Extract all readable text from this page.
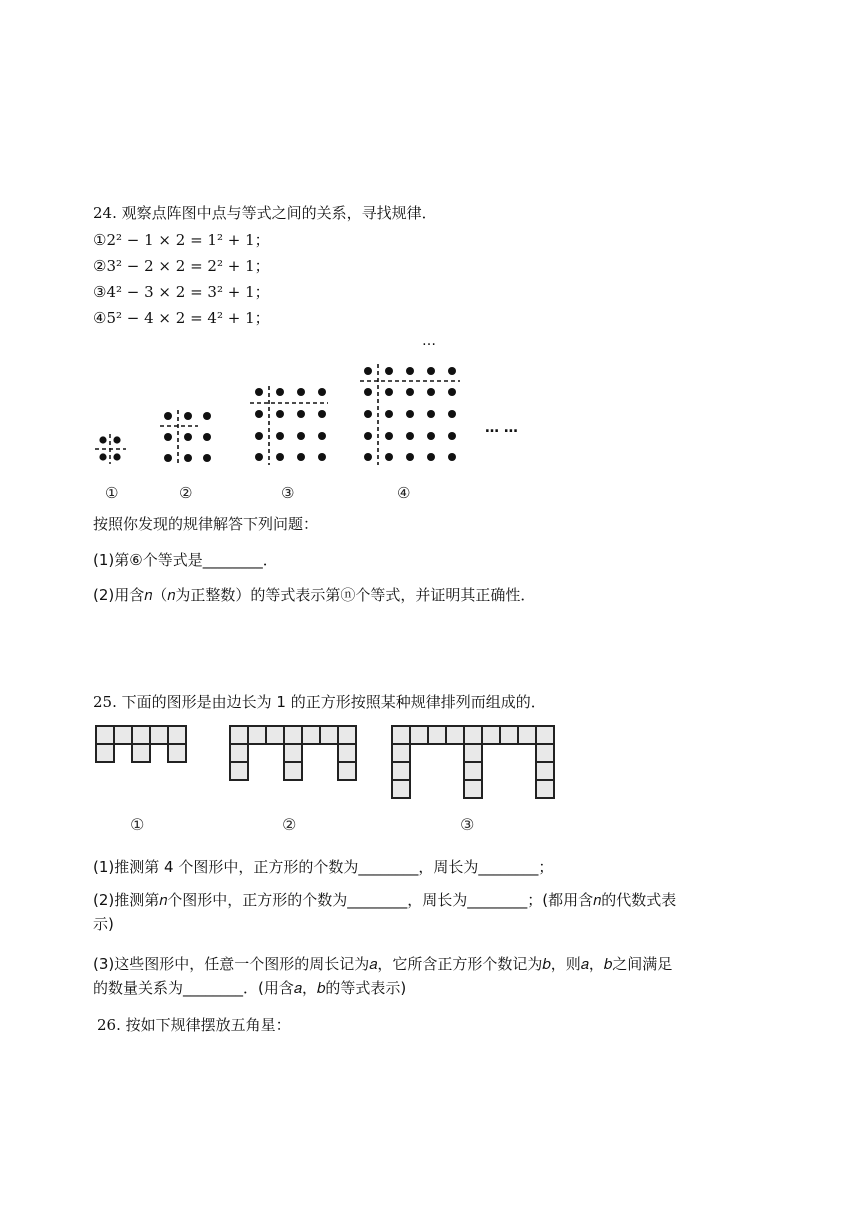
24. 观察点阵图中点与等式之间的关系，寻找规律．
①2² − 1 × 2 = 1² + 1；
②3² − 2 × 2 = 2² + 1；
③4² − 3 × 2 = 3² + 1；
④5² − 4 × 2 = 4² + 1；
…
… …
①	②	③	④
按照你发现的规律解答下列问题：
(1)第⑥个等式是________．
(2)用含𝑛（𝑛为正整数）的等式表示第ⓝ个等式，并证明其正确性．
25. 下面的图形是由边长为 1 的正方形按照某种规律排列而组成的．
①	②	③
(1)推测第 4 个图形中，正方形的个数为________，周长为________；
(2)推测第𝑛个图形中，正方形的个数为________，周长为________；(都用含𝑛的代数式表
示)
(3)这些图形中，任意一个图形的周长记为𝑎，它所含正方形个数记为𝑏，则𝑎，𝑏之间满足
的数量关系为________．(用含𝑎，𝑏的等式表示)
26. 按如下规律摆放五角星：
